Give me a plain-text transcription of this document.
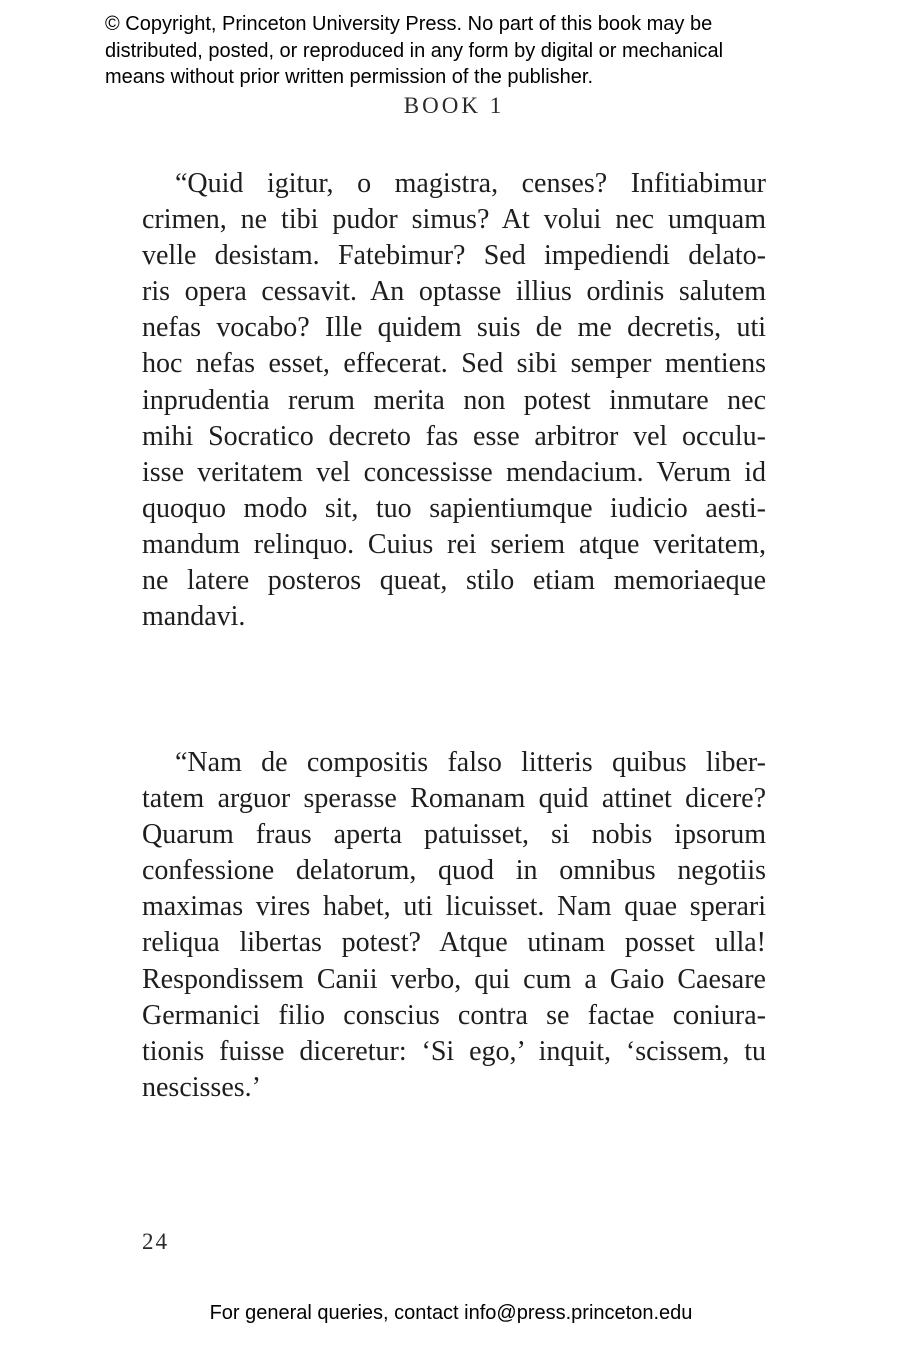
© Copyright, Princeton University Press. No part of this book may be
distributed, posted, or reproduced in any form by digital or mechanical
means without prior written permission of the publisher.
BOOK 1
“Quid igitur, o magistra, censes? Infitiabimur
crimen, ne tibi pudor simus? At volui nec umquam
velle desistam. Fatebimur? Sed impediendi delato-
ris opera cessavit. An optasse illius ordinis salutem
nefas vocabo? Ille quidem suis de me decretis, uti
hoc nefas esset, effecerat. Sed sibi semper mentiens
inprudentia rerum merita non potest inmutare nec
mihi Socratico decreto fas esse arbitror vel occulu-
isse veritatem vel concessisse mendacium. Verum id
quoquo modo sit, tuo sapientiumque iudicio aesti-
mandum relinquo. Cuius rei seriem atque veritatem,
ne latere posteros queat, stilo etiam memoriaeque
mandavi.
“Nam de compositis falso litteris quibus liber-
tatem arguor sperasse Romanam quid attinet dicere?
Quarum fraus aperta patuisset, si nobis ipsorum
confessione delatorum, quod in omnibus negotiis
maximas vires habet, uti licuisset. Nam quae sperari
reliqua libertas potest? Atque utinam posset ulla!
Respondissem Canii verbo, qui cum a Gaio Caesare
Germanici filio conscius contra se factae coniura-
tionis fuisse diceretur: ‘Si ego,’ inquit, ‘scissem, tu
nescisses.’
24
For general queries, contact info@press.princeton.edu
